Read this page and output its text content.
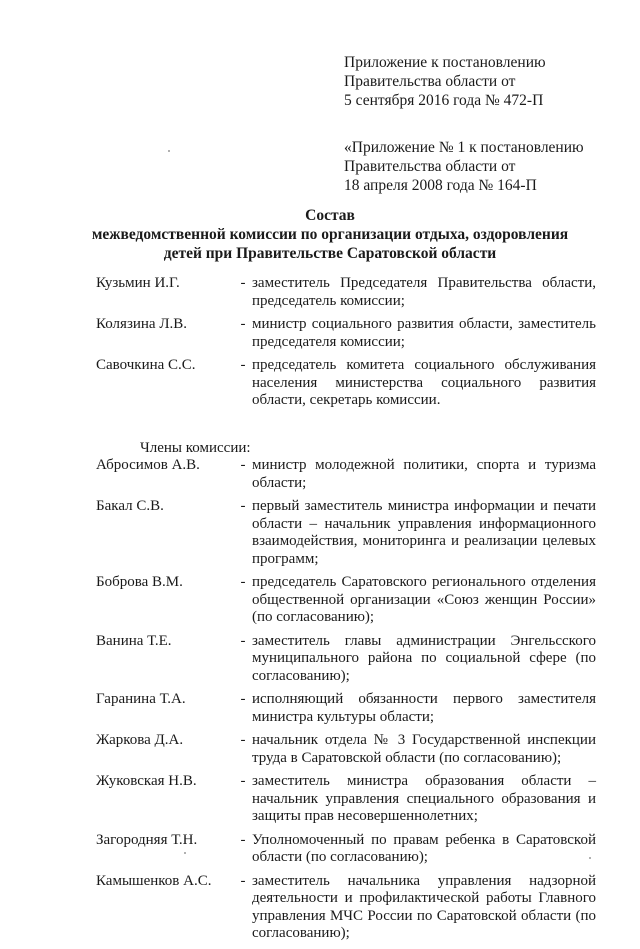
Приложение к постановлению
Правительства области от
5 сентября 2016 года № 472-П
«Приложение № 1 к постановлению
Правительства области от
18 апреля 2008 года № 164-П
Состав
межведомственной комиссии по организации отдыха, оздоровления
детей при Правительстве Саратовской области
Кузьмин И.Г.	- заместитель Председателя Правительства области, председатель комиссии;
Колязина Л.В.	- министр социального развития области, заместитель председателя комиссии;
Савочкина С.С.	- председатель комитета социального обслуживания населения министерства социального развития области, секретарь комиссии.
Члены комиссии:
Абросимов А.В.	- министр молодежной политики, спорта и туризма области;
Бакал С.В.	- первый заместитель министра информации и печати области – начальник управления информационного взаимодействия, мониторинга и реализации целевых программ;
Боброва В.М.	- председатель Саратовского регионального отделения общественной организации «Союз женщин России» (по согласованию);
Ванина Т.Е.	- заместитель главы администрации Энгельсского муниципального района по социальной сфере (по согласованию);
Гаранина Т.А.	- исполняющий обязанности первого заместителя министра культуры области;
Жаркова Д.А.	- начальник отдела № 3 Государственной инспекции труда в Саратовской области (по согласованию);
Жуковская Н.В.	- заместитель министра образования области – начальник управления специального образования и защиты прав несовершеннолетних;
Загородняя Т.Н.	- Уполномоченный по правам ребенка в Саратовской области (по согласованию);
Камышенков А.С.	- заместитель начальника управления надзорной деятельности и профилактической работы Главного управления МЧС России по Саратовской области (по согласованию);
